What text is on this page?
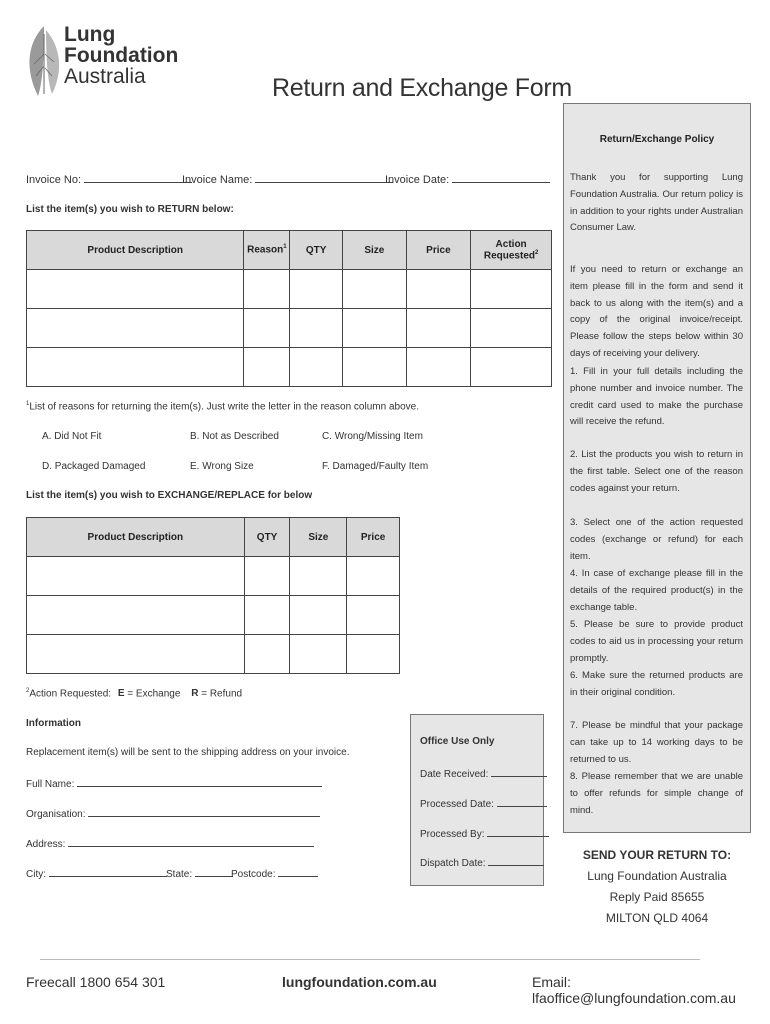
Lung
Foundation
Australia	Return and Exchange Form
Invoice No:	Invoice Name:	Invoice Date:
List the item(s) you wish to RETURN below:
Product Description	Reason$^1$	QTY	Size	Price	Action Requested$^2$

$^1$List of reasons for returning the item(s). Just write the letter in the reason column above.
A. Did Not Fit	B. Not as Described	C. Wrong/Missing Item
D. Packaged Damaged	E. Wrong Size	F. Damaged/Faulty Item
List the item(s) you wish to EXCHANGE/REPLACE for below
Product Description	QTY	Size	Price

$^2$Action Requested: E = Exchange R = Refund
Information
Replacement item(s) will be sent to the shipping address on your invoice.
Full Name:
Organisation:
Address:
City:	State:	Postcode:
Office Use Only
Date Received:
Processed Date:
Processed By:
Dispatch Date:
Return/Exchange Policy
Thank you for supporting Lung Foundation Australia. Our return policy is in addition to your rights under Australian Consumer Law.
If you need to return or exchange an item please fill in the form and send it back to us along with the item(s) and a copy of the original invoice/receipt. Please follow the steps below within 30 days of receiving your delivery.
1. Fill in your full details including the phone number and invoice number. The credit card used to make the purchase will receive the refund.
2. List the products you wish to return in the first table. Select one of the reason codes against your return.
3. Select one of the action requested codes (exchange or refund) for each item.
4. In case of exchange please fill in the details of the required product(s) in the exchange table.
5. Please be sure to provide product codes to aid us in processing your return promptly.
6. Make sure the returned products are in their original condition.
7. Please be mindful that your package can take up to 14 working days to be returned to us.
8. Please remember that we are unable to offer refunds for simple change of mind.
SEND YOUR RETURN TO:
Lung Foundation Australia
Reply Paid 85655
MILTON QLD 4064
Freecall 1800 654 301	lungfoundation.com.au	Email: lfaoffice@lungfoundation.com.au
